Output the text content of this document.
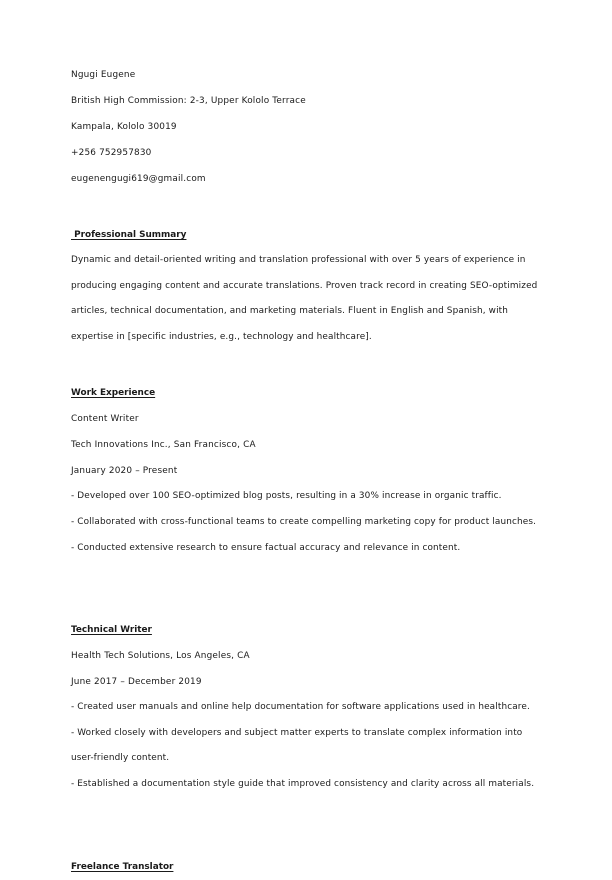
Ngugi Eugene
British High Commission: 2-3, Upper Kololo Terrace
Kampala, Kololo 30019
+256 752957830
eugenengugi619@gmail.com
Professional Summary

Dynamic and detail-oriented writing and translation professional with over 5 years of experience in producing engaging content and accurate translations. Proven track record in creating SEO-optimized articles, technical documentation, and marketing materials. Fluent in English and Spanish, with expertise in [specific industries, e.g., technology and healthcare].

Work Experience
Content Writer
Tech Innovations Inc., San Francisco, CA
January 2020 – Present

- Developed over 100 SEO-optimized blog posts, resulting in a 30% increase in organic traffic.

- Collaborated with cross-functional teams to create compelling marketing copy for product launches.

- Conducted extensive research to ensure factual accuracy and relevance in content.

Technical Writer
Health Tech Solutions, Los Angeles, CA
June 2017 – December 2019

- Created user manuals and online help documentation for software applications used in healthcare.

- Worked closely with developers and subject matter experts to translate complex information into user-friendly content.

- Established a documentation style guide that improved consistency and clarity across all materials.

Freelance Translator
